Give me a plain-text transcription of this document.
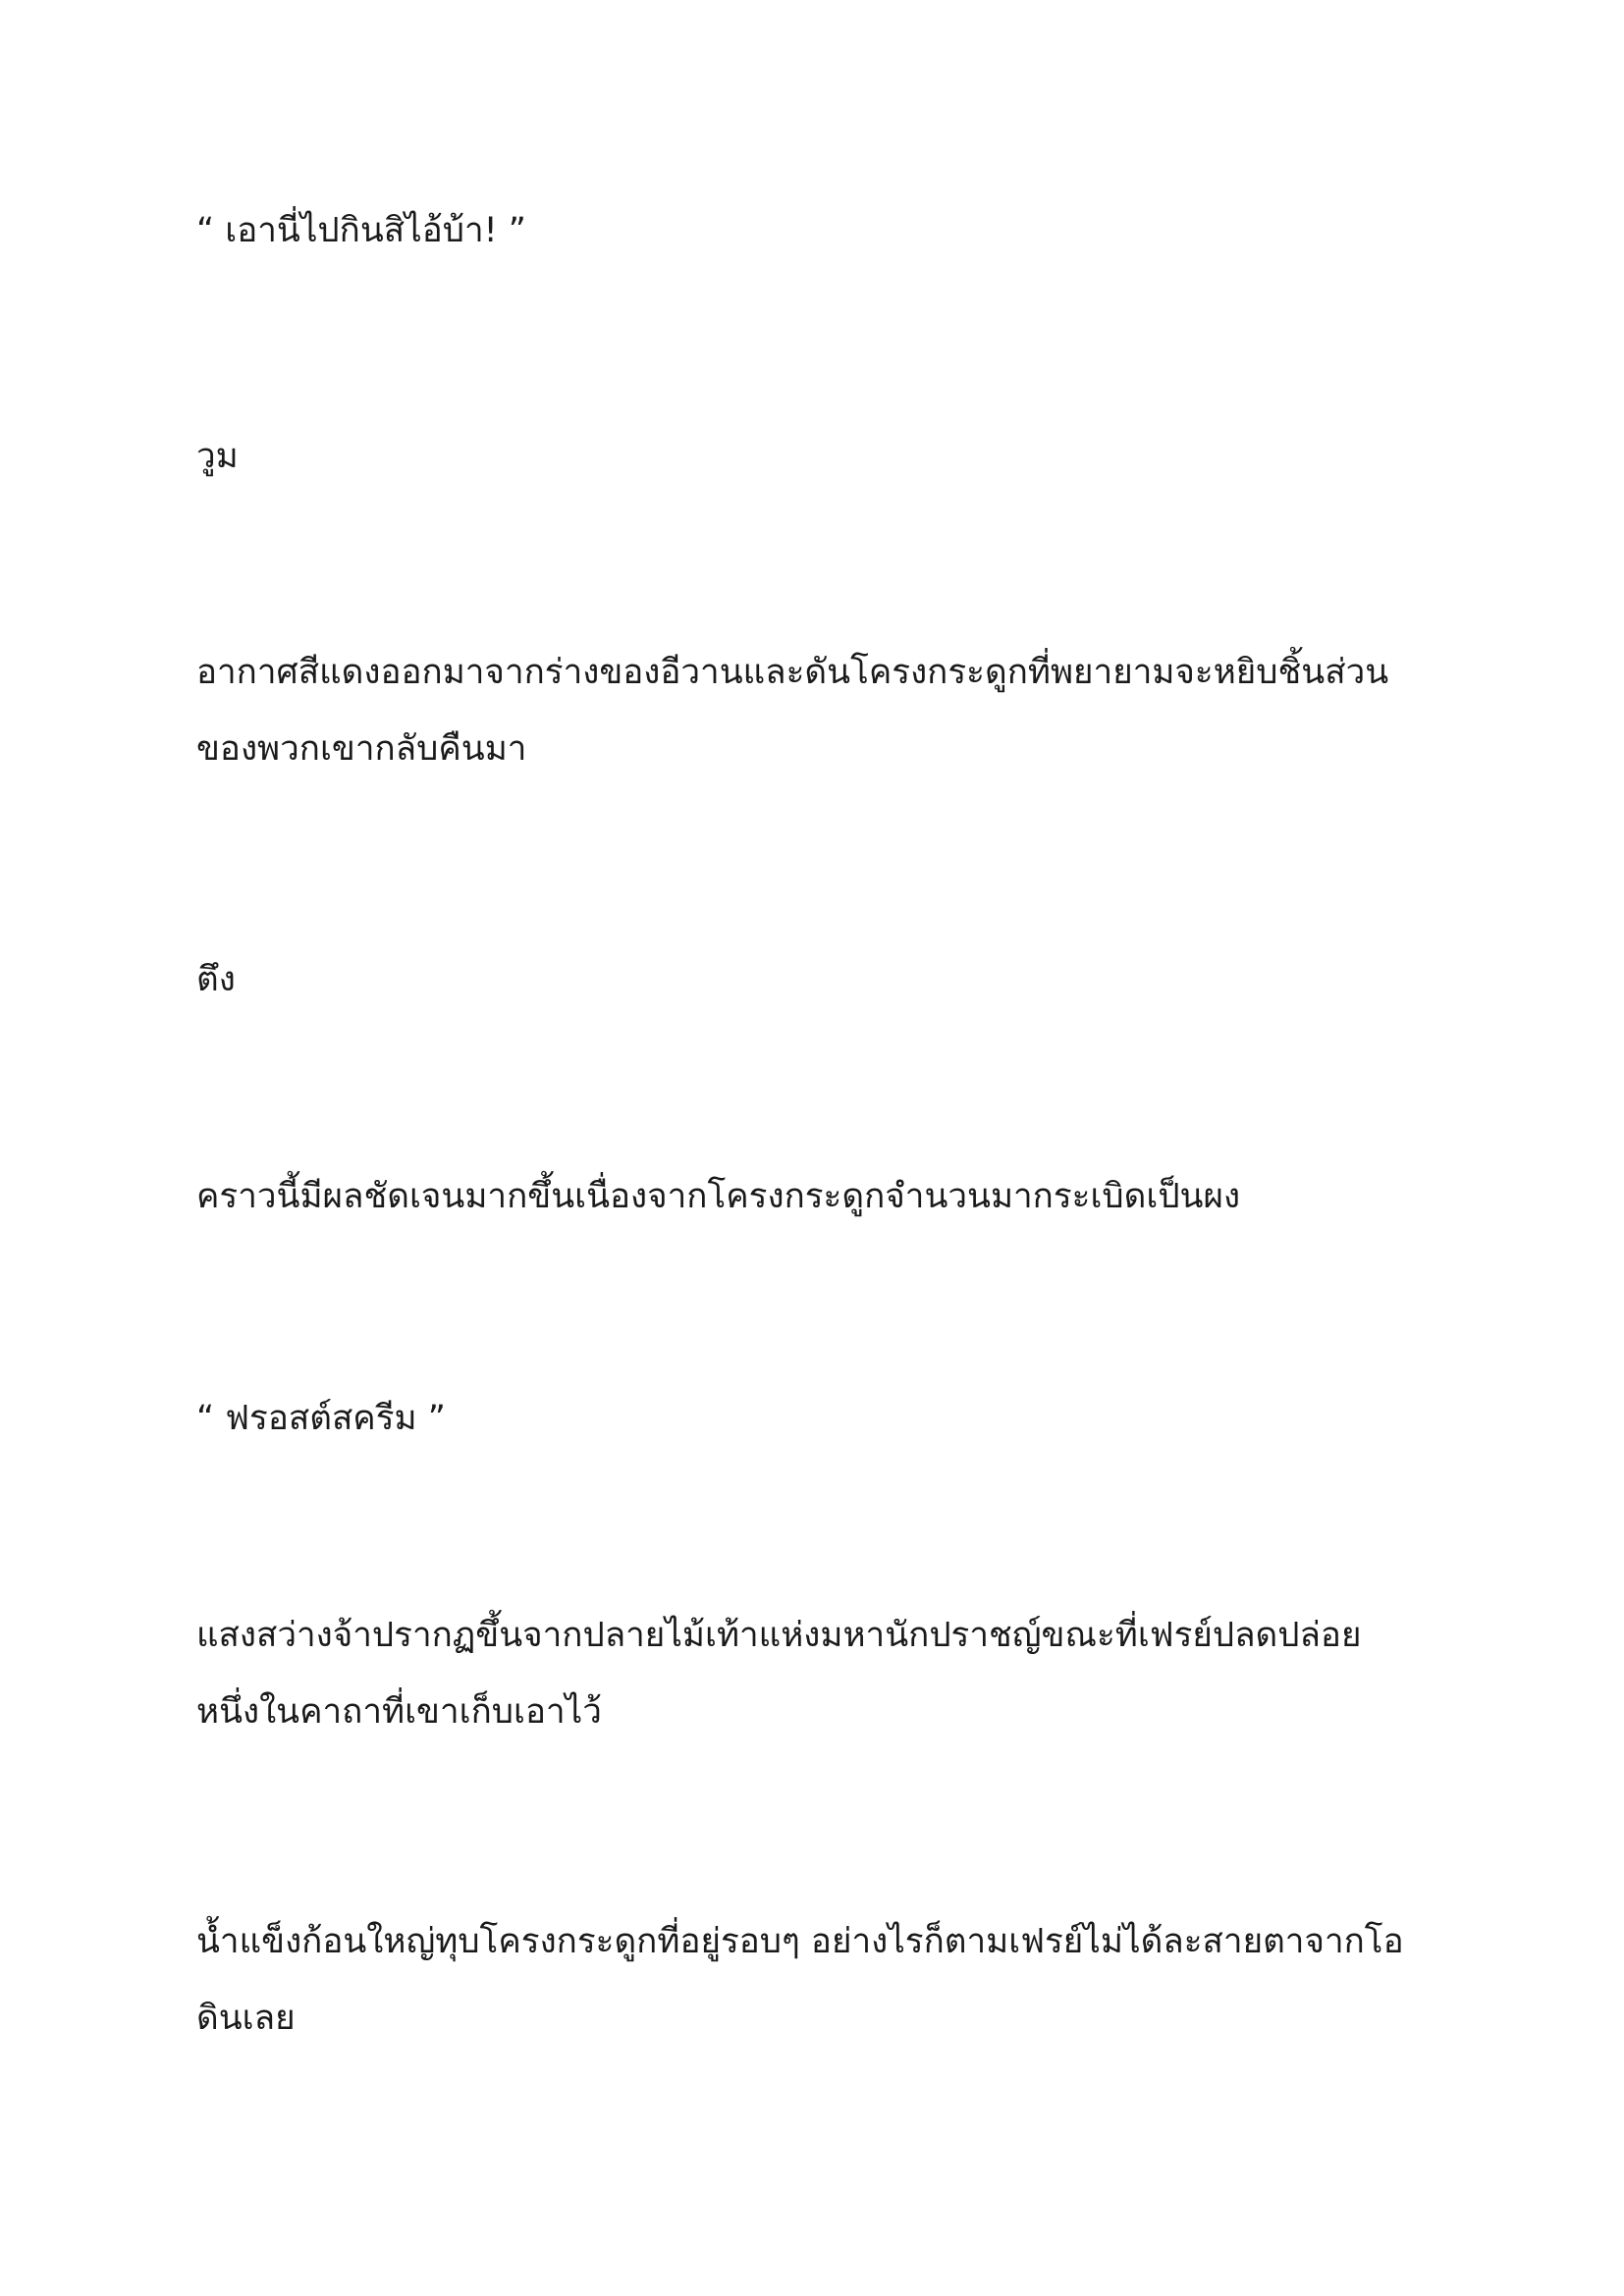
“ เอานี่ไปกินสิไอ้บ้า! ”

วูม

อากาศสีแดงออกมาจากร่างของอีวานและดันโครงกระดูกที่พยายามจะหยิบชิ้นส่วน
ของพวกเขากลับคืนมา

ตึง

คราวนี้มีผลชัดเจนมากขึ้นเนื่องจากโครงกระดูกจำนวนมากระเบิดเป็นผง

“ ฟรอสต์สครีม ”

แสงสว่างจ้าปรากฏขึ้นจากปลายไม้เท้าแห่งมหานักปราชญ์ขณะที่เฟรย์ปลดปล่อย
หนึ่งในคาถาที่เขาเก็บเอาไว้

น้ำแข็งก้อนใหญ่ทุบโครงกระดูกที่อยู่รอบๆ อย่างไรก็ตามเฟรย์ไม่ได้ละสายตาจากโอ
ดินเลย
